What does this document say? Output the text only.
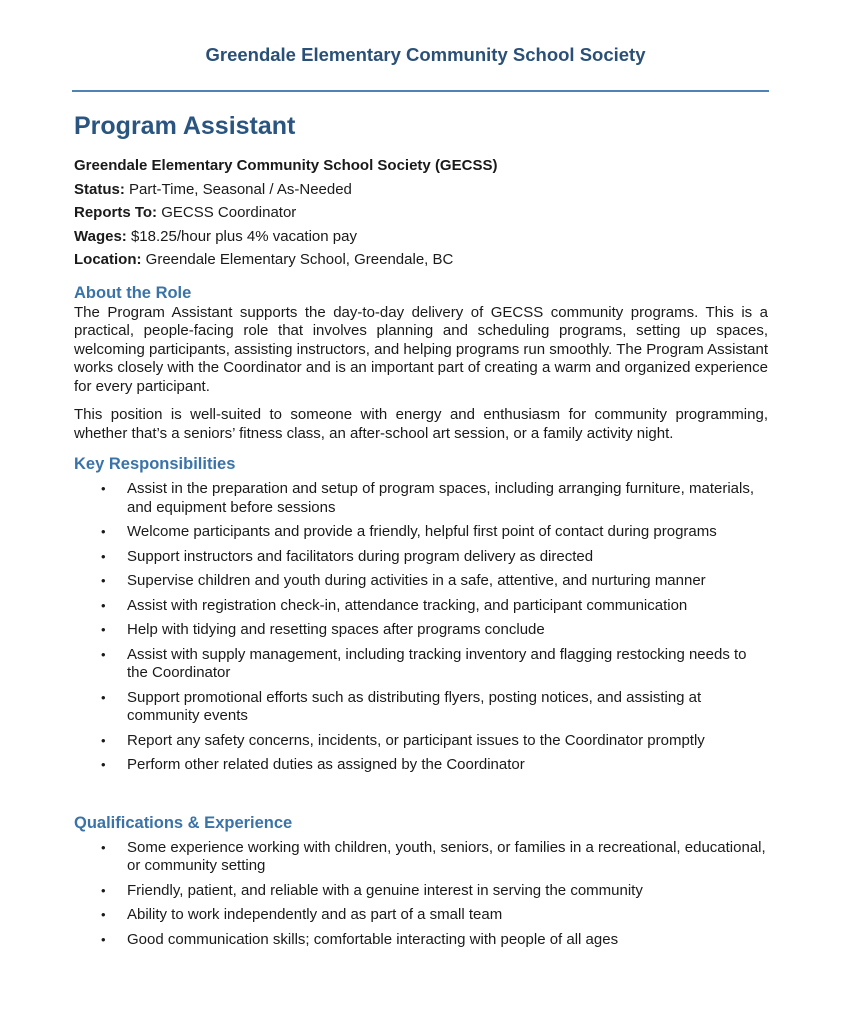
Greendale Elementary Community School Society
Program Assistant

Greendale Elementary Community School Society (GECSS)

Status: Part-Time, Seasonal / As-Needed

Reports To: GECSS Coordinator

Wages: $18.25/hour plus 4% vacation pay

Location: Greendale Elementary School, Greendale, BC

About the Role

The Program Assistant supports the day-to-day delivery of GECSS community programs. This is a practical, people-facing role that involves planning and scheduling programs, setting up spaces, welcoming participants, assisting instructors, and helping programs run smoothly. The Program Assistant works closely with the Coordinator and is an important part of creating a warm and organized experience for every participant.

This position is well-suited to someone with energy and enthusiasm for community programming, whether that’s a seniors’ fitness class, an after-school art session, or a family activity night.

Key Responsibilities
• Assist in the preparation and setup of program spaces, including arranging furniture, materials, and equipment before sessions
• Welcome participants and provide a friendly, helpful first point of contact during programs
• Support instructors and facilitators during program delivery as directed
• Supervise children and youth during activities in a safe, attentive, and nurturing manner
• Assist with registration check-in, attendance tracking, and participant communication
• Help with tidying and resetting spaces after programs conclude
• Assist with supply management, including tracking inventory and flagging restocking needs to the Coordinator
• Support promotional efforts such as distributing flyers, posting notices, and assisting at community events
• Report any safety concerns, incidents, or participant issues to the Coordinator promptly
• Perform other related duties as assigned by the Coordinator
Qualifications & Experience
• Some experience working with children, youth, seniors, or families in a recreational, educational, or community setting
• Friendly, patient, and reliable with a genuine interest in serving the community
• Ability to work independently and as part of a small team
• Good communication skills; comfortable interacting with people of all ages
